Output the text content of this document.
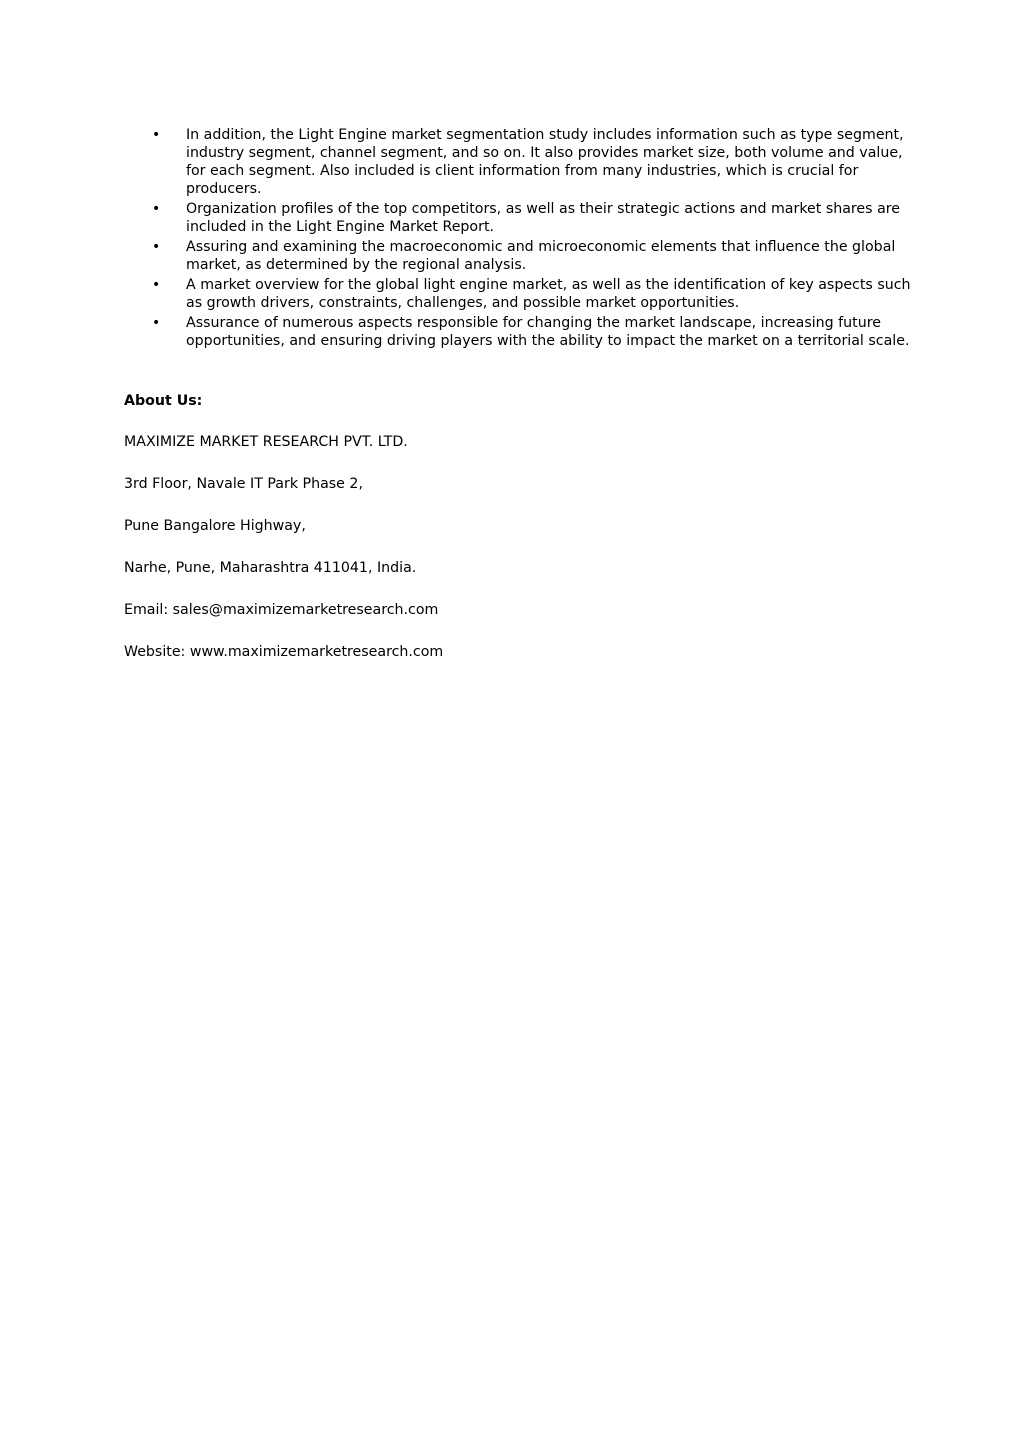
• In addition, the Light Engine market segmentation study includes information such as type segment, industry segment, channel segment, and so on. It also provides market size, both volume and value, for each segment. Also included is client information from many industries, which is crucial for producers.
• Organization profiles of the top competitors, as well as their strategic actions and market shares are included in the Light Engine Market Report.
• Assuring and examining the macroeconomic and microeconomic elements that influence the global market, as determined by the regional analysis.
• A market overview for the global light engine market, as well as the identification of key aspects such as growth drivers, constraints, challenges, and possible market opportunities.
• Assurance of numerous aspects responsible for changing the market landscape, increasing future opportunities, and ensuring driving players with the ability to impact the market on a territorial scale.
About Us:
MAXIMIZE MARKET RESEARCH PVT. LTD.
3rd Floor, Navale IT Park Phase 2,
Pune Bangalore Highway,
Narhe, Pune, Maharashtra 411041, India.
Email: sales@maximizemarketresearch.com
Website: www.maximizemarketresearch.com
